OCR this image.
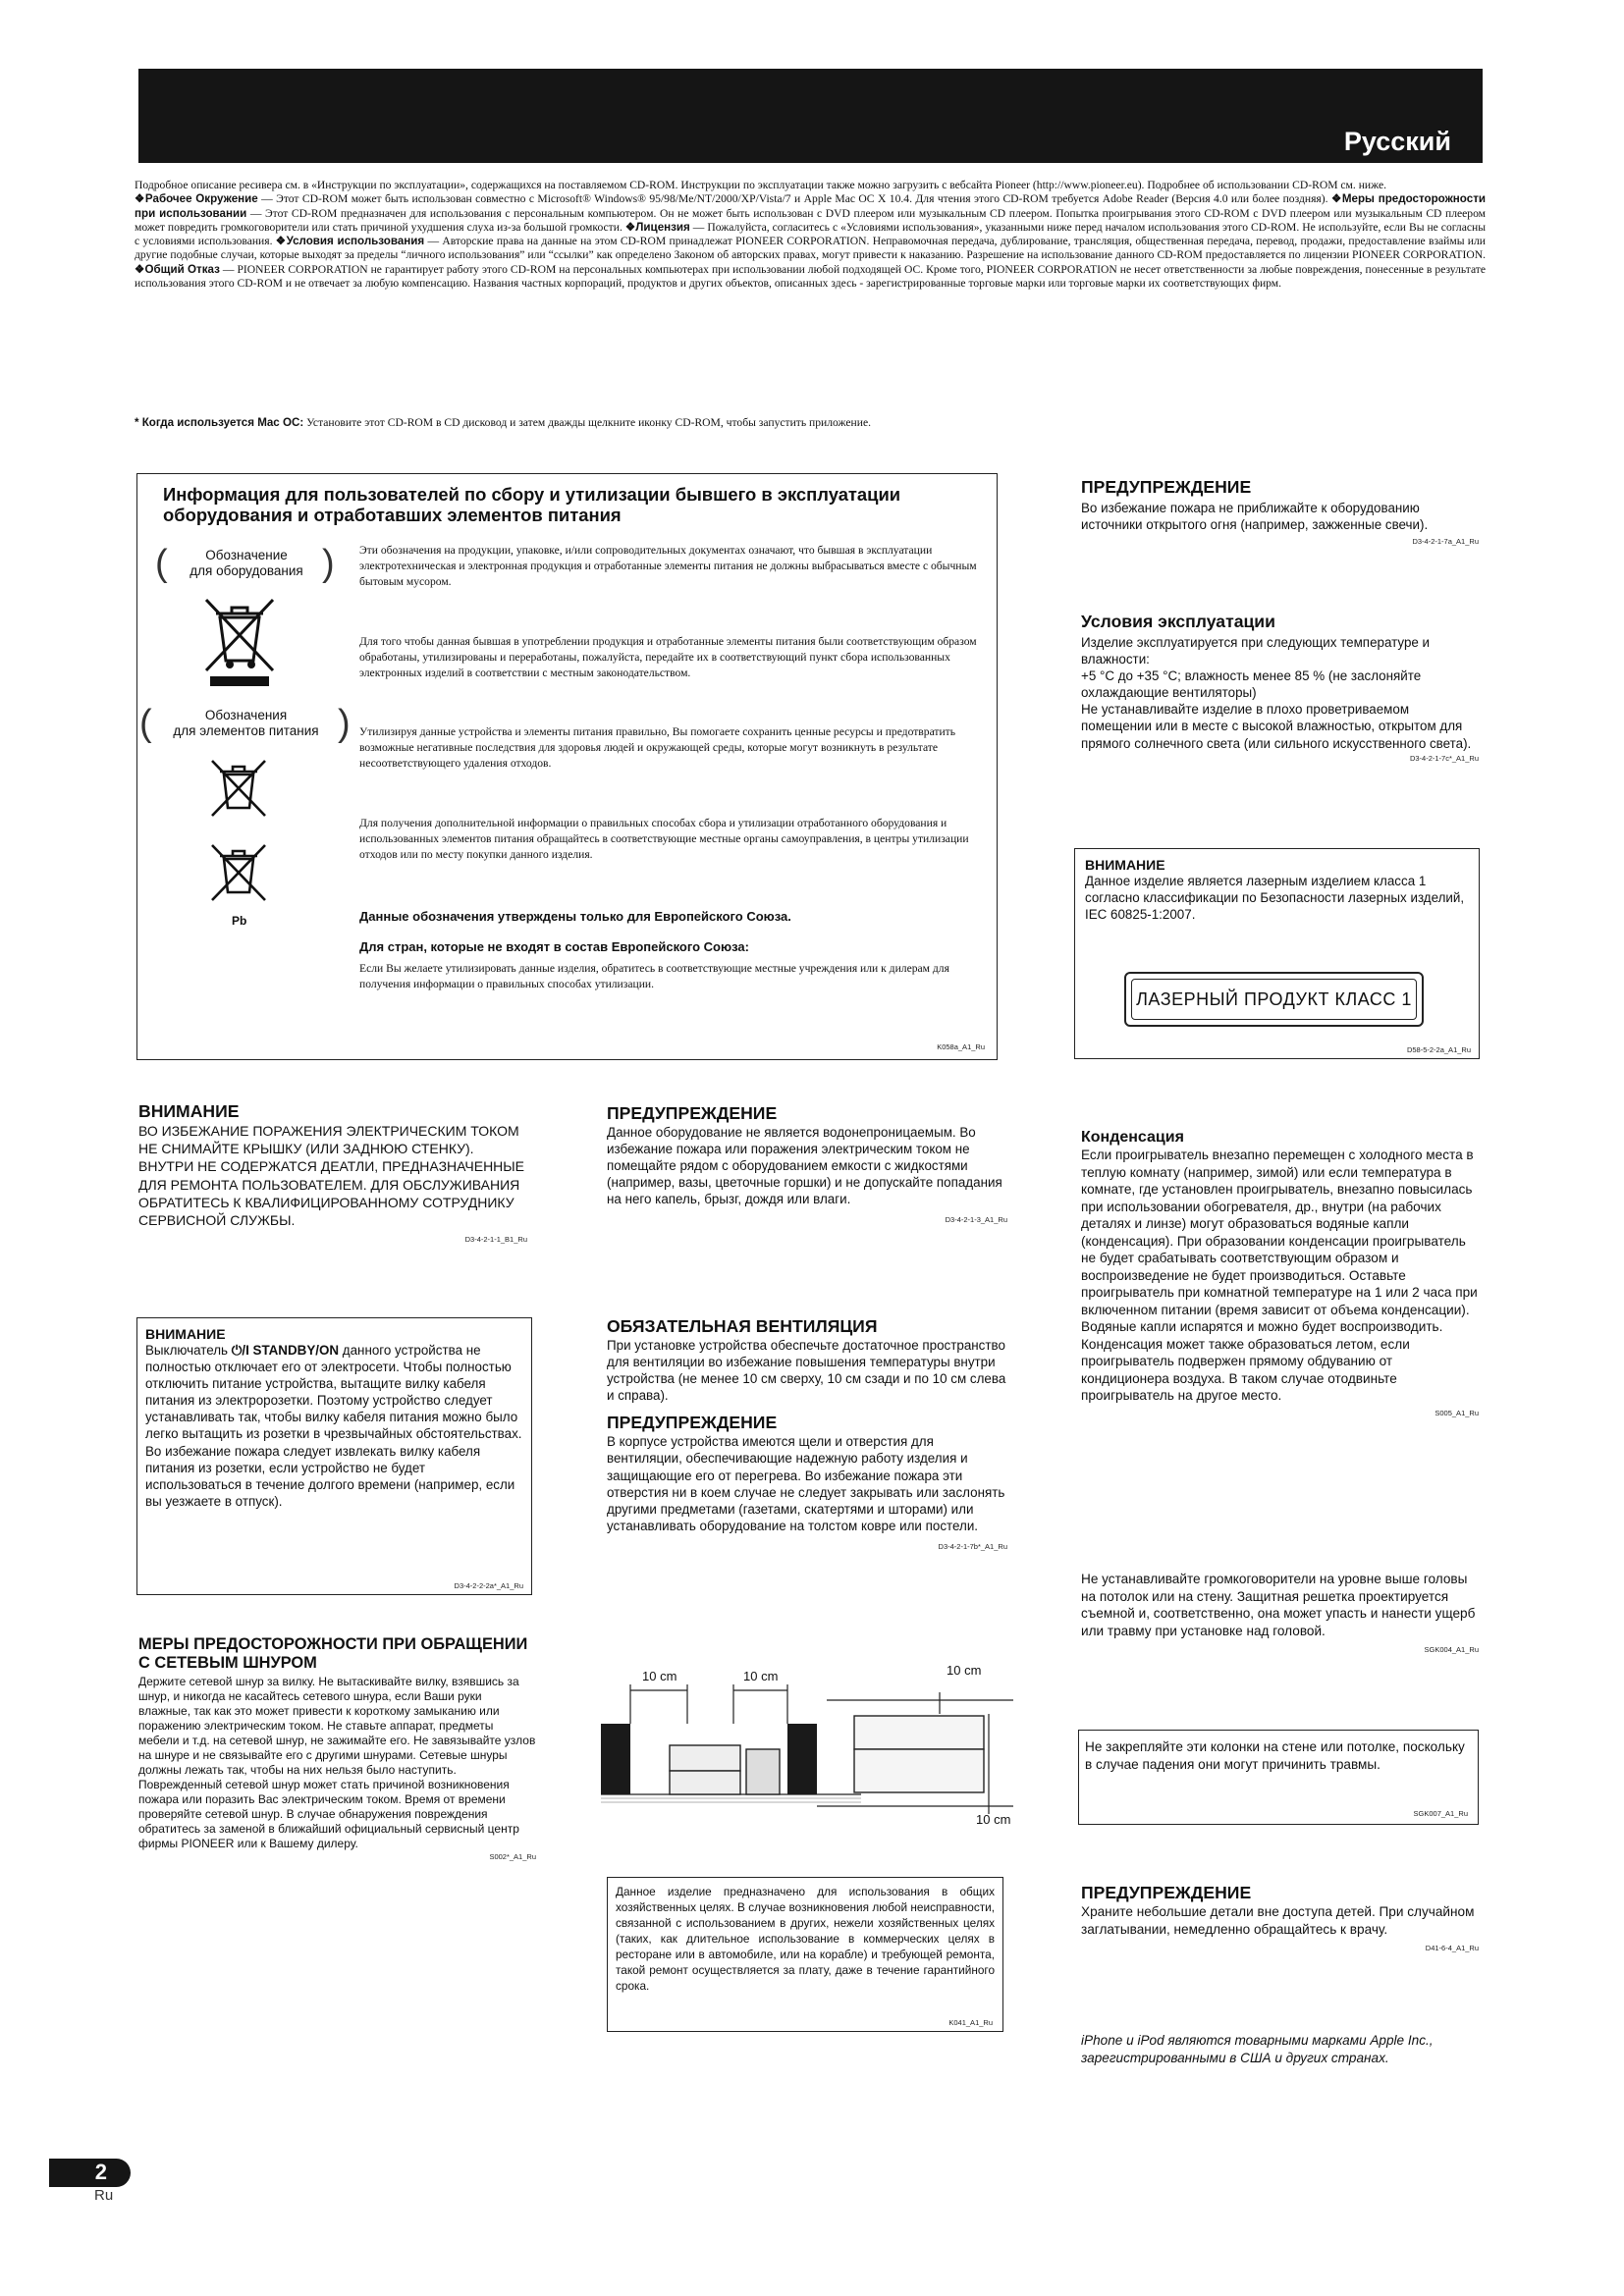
Русский
Подробное описание ресивера см. в «Инструкции по эксплуатации», содержащихся на поставляемом CD-ROM. Инструкции по эксплуатации также можно загрузить с вебсайта Pioneer (http://www.pioneer.eu). Подробнее об использовании CD-ROM см. ниже.
❖Рабочее Окружение — Этот CD-ROM может быть использован совместно с Microsoft® Windows® 95/98/Me/NT/2000/XP/Vista/7 и Apple Mac OC X 10.4. Для чтения этого CD-ROM требуется Adobe Reader (Версия 4.0 или более поздняя). ❖Меры предосторожности при использовании — Этот CD-ROM предназначен для использования с персональным компьютером. Он не может быть использован с DVD плеером или музыкальным CD плеером. Попытка проигрывания этого CD-ROM с DVD плеером или музыкальным CD плеером может повредить громкоговорители или стать причиной ухудшения слуха из-за большой громкости. ❖Лицензия — Пожалуйста, согласитесь с «Условиями использования», указанными ниже перед началом использования этого CD-ROM. Не используйте, если Вы не согласны с условиями использования. ❖Условия использования — Авторские права на данные на этом CD-ROM принадлежат PIONEER CORPORATION. Неправомочная передача, дублирование, трансляция, общественная передача, перевод, продажи, предоставление взаймы или другие подобные случаи, которые выходят за пределы “личного использования” или “ссылки” как определено Законом об авторских правах, могут привести к наказанию. Разрешение на использование данного CD-ROM предоставляется по лицензии PIONEER CORPORATION. ❖Общий Отказ — PIONEER CORPORATION не гарантирует работу этого CD-ROM на персональных компьютерах при использовании любой подходящей ОС. Кроме того, PIONEER CORPORATION не несет ответственности за любые повреждения, понесенные в результате использования этого CD-ROM и не отвечает за любую компенсацию. Названия частных корпораций, продуктов и других объектов, описанных здесь - зарегистрированные торговые марки или торговые марки их соответствующих фирм.
* Когда используется Mac OC: Установите этот CD-ROM в CD дисковод и затем дважды щелкните иконку CD-ROM, чтобы запустить приложение.
Информация для пользователей по сбору и утилизации бывшего в эксплуатации оборудования и отработавших элементов питания
(	Обозначение
для оборудования )
(	Обозначения
для элементов питания )
Pb
Эти обозначения на продукции, упаковке, и/или сопроводительных документах означают, что бывшая в эксплуатации электротехническая и электронная продукция и отработанные элементы питания не должны выбрасываться вместе с обычным бытовым мусором.
Для того чтобы данная бывшая в употреблении продукция и отработанные элементы питания были соответствующим образом обработаны, утилизированы и переработаны, пожалуйста, передайте их в соответствующий пункт сбора использованных электронных изделий в соответствии с местным законодательством.
Утилизируя данные устройства и элементы питания правильно, Вы помогаете сохранить ценные ресурсы и предотвратить возможные негативные последствия для здоровья людей и окружающей среды, которые могут возникнуть в результате несоответствующего удаления отходов.
Для получения дополнительной информации о правильных способах сбора и утилизации отработанного оборудования и использованных элементов питания обращайтесь в соответствующие местные органы самоуправления, в центры утилизации отходов или по месту покупки данного изделия.
Данные обозначения утверждены только для Европейского Союза.
Для стран, которые не входят в состав Европейского Союза:
Если Вы желаете утилизировать данные изделия, обратитесь в соответствующие местные учреждения или к дилерам для получения информации о правильных способах утилизации.
K058a_A1_Ru
ПРЕДУПРЕЖДЕНИЕ
Во избежание пожара не приближайте к оборудованию источники открытого огня (например, зажженные свечи).
D3-4-2-1-7a_A1_Ru
Условия эксплуатации
Изделие эксплуатируется при следующих температуре и влажности:
+5 °C до +35 °C; влажность менее 85 % (не заслоняйте охлаждающие вентиляторы)
Не устанавливайте изделие в плохо проветриваемом помещении или в месте с высокой влажностью, открытом для прямого солнечного света (или сильного искусственного света).
D3-4-2-1-7c*_A1_Ru
ВНИМАНИЕ
Данное изделие является лазерным изделием класса 1 согласно классификации по Безопасности лазерных изделий, IEC 60825-1:2007.
ЛАЗЕРНЫЙ ПРОДУКТ КЛАСС 1
D58-5-2-2a_A1_Ru
ВНИМАНИЕ
ВО ИЗБЕЖАНИЕ ПОРАЖЕНИЯ ЭЛЕКТРИЧЕСКИМ ТОКОМ НЕ СНИМАЙТЕ КРЫШКУ (ИЛИ ЗАДНЮЮ СТЕНКУ). ВНУТРИ НЕ СОДЕРЖАТСЯ ДЕАТЛИ, ПРЕДНАЗНАЧЕННЫЕ ДЛЯ РЕМОНТА ПОЛЬЗОВАТЕЛЕМ. ДЛЯ ОБСЛУЖИВАНИЯ ОБРАТИТЕСЬ К КВАЛИФИЦИРОВАННОМУ СОТРУДНИКУ СЕРВИСНОЙ СЛУЖБЫ.
D3-4-2-1-1_B1_Ru
ВНИМАНИЕ
Выключатель ⏻/I STANDBY/ON данного устройства не полностью отключает его от электросети. Чтобы полностью отключить питание устройства, вытащите вилку кабеля питания из электророзетки. Поэтому устройство следует устанавливать так, чтобы вилку кабеля питания можно было легко вытащить из розетки в чрезвычайных обстоятельствах. Во избежание пожара следует извлекать вилку кабеля питания из розетки, если устройство не будет использоваться в течение долгого времени (например, если вы уезжаете в отпуск).
D3-4-2-2-2a*_A1_Ru
МЕРЫ ПРЕДОСТОРОЖНОСТИ ПРИ ОБРАЩЕНИИ С СЕТЕВЫМ ШНУРОМ
Держите сетевой шнур за вилку. Не вытаскивайте вилку, взявшись за шнур, и никогда не касайтесь сетевого шнура, если Ваши руки влажные, так как это может привести к короткому замыканию или поражению электрическим током. Не ставьте аппарат, предметы мебели и т.д. на сетевой шнур, не зажимайте его. Не завязывайте узлов на шнуре и не связывайте его с другими шнурами. Сетевые шнуры должны лежать так, чтобы на них нельзя было наступить. Поврежденный сетевой шнур может стать причиной возникновения пожара или поразить Вас электрическим током. Время от времени проверяйте сетевой шнур. В случае обнаружения повреждения обратитесь за заменой в ближайший официальный сервисный центр фирмы PIONEER или к Вашему дилеру.
S002*_A1_Ru
ПРЕДУПРЕЖДЕНИЕ
Данное оборудование не является водонепроницаемым. Во избежание пожара или поражения электрическим током не помещайте рядом с оборудованием емкости с жидкостями (например, вазы, цветочные горшки) и не допускайте попадания на него капель, брызг, дождя или влаги.
D3-4-2-1-3_A1_Ru
ОБЯЗАТЕЛЬНАЯ ВЕНТИЛЯЦИЯ
При установке устройства обеспечьте достаточное пространство для вентиляции во избежание повышения температуры внутри устройства (не менее 10 см сверху, 10 см сзади и по 10 см слева и справа).
ПРЕДУПРЕЖДЕНИЕ
В корпусе устройства имеются щели и отверстия для вентиляции, обеспечивающие надежную работу изделия и защищающие его от перегрева. Во избежание пожара эти отверстия ни в коем случае не следует закрывать или заслонять другими предметами (газетами, скатертями и шторами) или устанавливать оборудование на толстом ковре или постели.
D3-4-2-1-7b*_A1_Ru
10 cm	10 cm	10 cm
10 cm
Данное изделие предназначено для использования в общих хозяйственных целях. В случае возникновения любой неисправности, связанной с использованием в других, нежели хозяйственных целях (таких, как длительное использование в коммерческих целях в ресторане или в автомобиле, или на корабле) и требующей ремонта, такой ремонт осуществляется за плату, даже в течение гарантийного срока.
K041_A1_Ru
Конденсация
Если проигрыватель внезапно перемещен с холодного места в теплую комнату (например, зимой) или если температура в комнате, где установлен проигрыватель, внезапно повысилась при использовании обогревателя, др., внутри (на рабочих деталях и линзе) могут образоваться водяные капли (конденсация). При образовании конденсации проигрыватель не будет срабатывать соответствующим образом и воспроизведение не будет производиться. Оставьте проигрыватель при комнатной температуре на 1 или 2 часа при включенном питании (время зависит от объема конденсации). Водяные капли испарятся и можно будет воспроизводить.
Конденсация может также образоваться летом, если проигрыватель подвержен прямому обдуванию от кондиционера воздуха. В таком случае отодвиньте проигрыватель на другое место.
S005_A1_Ru
Не устанавливайте громкоговорители на уровне выше головы на потолок или на стену. Защитная решетка проектируется съемной и, соответственно, она может упасть и нанести ущерб или травму при установке над головой.
SGK004_A1_Ru
Не закрепляйте эти колонки на стене или потолке, поскольку в случае падения они могут причинить травмы.
SGK007_A1_Ru
ПРЕДУПРЕЖДЕНИЕ
Храните небольшие детали вне доступа детей. При случайном заглатывании, немедленно обращайтесь к врачу.
D41-6-4_A1_Ru
iPhone и iPod являются товарными марками Apple Inc., зарегистрированными в США и других странах.
2
Ru
